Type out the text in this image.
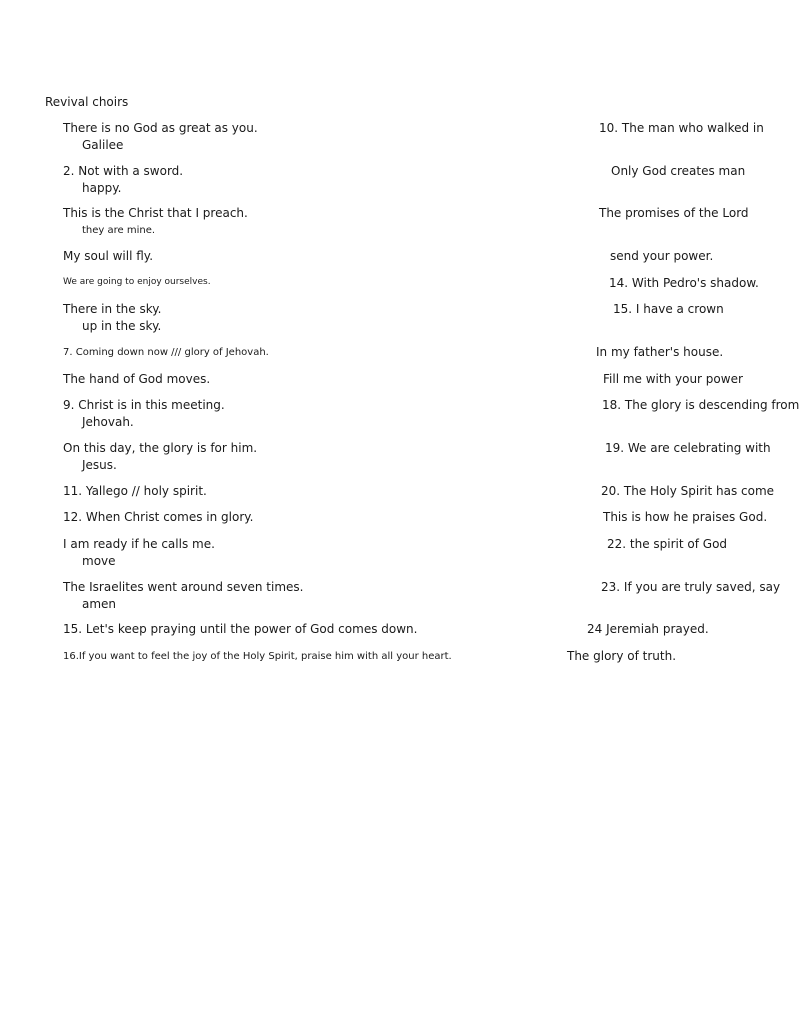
Revival choirs
There is no God as great as you.
Galilee
2. Not with a sword.
happy.
This is the Christ that I preach.
they are mine.
My soul will fly.
We are going to enjoy ourselves.
There in the sky.
up in the sky.
7. Coming down now /// glory of Jehovah.
The hand of God moves.
9. Christ is in this meeting.
Jehovah.
On this day, the glory is for him.
Jesus.
11. Yallego // holy spirit.
12. When Christ comes in glory.
I am ready if he calls me.
move
The Israelites went around seven times.
amen
15. Let's keep praying until the power of God comes down.
16.If you want to feel the joy of the Holy Spirit, praise him with all your heart.
10. The man who walked in
Only God creates man
The promises of the Lord
send your power.
14. With Pedro's shadow.
15. I have a crown
In my father's house.
Fill me with your power
18. The glory is descending from
19. We are celebrating with
20. The Holy Spirit has come
This is how he praises God.
22. the spirit of God
23. If you are truly saved, say
24 Jeremiah prayed.
The glory of truth.
